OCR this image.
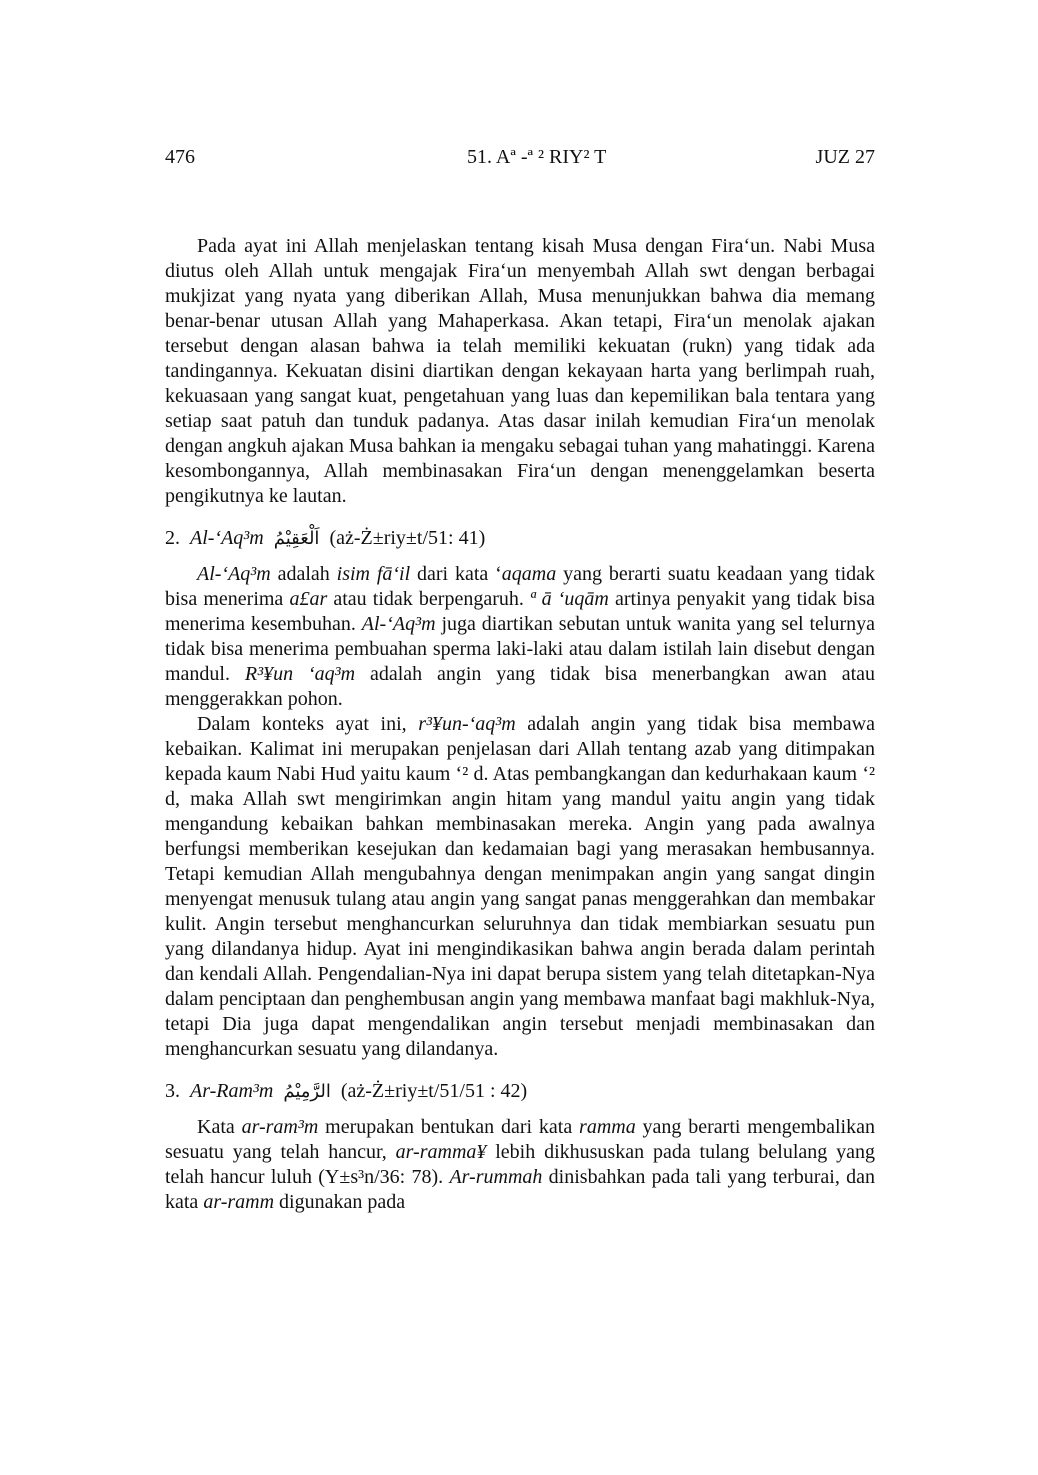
476	51. Aª -ª ² RIY² T	JUZ 27

Pada ayat ini Allah menjelaskan tentang kisah Musa dengan Fira‘un. Nabi Musa diutus oleh Allah untuk mengajak Fira‘un menyembah Allah swt dengan berbagai mukjizat yang nyata yang diberikan Allah, Musa menunjukkan bahwa dia memang benar-benar utusan Allah yang Mahaperkasa. Akan tetapi, Fira‘un menolak ajakan tersebut dengan alasan bahwa ia telah memiliki kekuatan (rukn) yang tidak ada tandingannya. Kekuatan disini diartikan dengan kekayaan harta yang berlimpah ruah, kekuasaan yang sangat kuat, pengetahuan yang luas dan kepemilikan bala tentara yang setiap saat patuh dan tunduk padanya. Atas dasar inilah kemudian Fira‘un menolak dengan angkuh ajakan Musa bahkan ia mengaku sebagai tuhan yang mahatinggi. Karena kesombongannya, Allah membinasakan Fira‘un dengan menenggelamkan beserta pengikutnya ke lautan.

2. Al-‘Aq³m اَلْعَقِيْمُ (aż-Ż±riy±t/51: 41)

Al-‘Aq³m adalah isim fā‘il dari kata ‘aqama yang berarti suatu keadaan yang tidak bisa menerima a£ar atau tidak berpengaruh. ª ā ‘uqām artinya penyakit yang tidak bisa menerima kesembuhan. Al-‘Aq³m juga diartikan sebutan untuk wanita yang sel telurnya tidak bisa menerima pembuahan sperma laki-laki atau dalam istilah lain disebut dengan mandul. R³¥un ‘aq³m adalah angin yang tidak bisa menerbangkan awan atau menggerakkan pohon.

Dalam konteks ayat ini, r³¥un-‘aq³m adalah angin yang tidak bisa membawa kebaikan. Kalimat ini merupakan penjelasan dari Allah tentang azab yang ditimpakan kepada kaum Nabi Hud yaitu kaum ‘² d. Atas pembangkangan dan kedurhakaan kaum ‘² d, maka Allah swt mengirimkan angin hitam yang mandul yaitu angin yang tidak mengandung kebaikan bahkan membinasakan mereka. Angin yang pada awalnya berfungsi memberikan kesejukan dan kedamaian bagi yang merasakan hembusannya. Tetapi kemudian Allah mengubahnya dengan menimpakan angin yang sangat dingin menyengat menusuk tulang atau angin yang sangat panas menggerahkan dan membakar kulit. Angin tersebut menghancurkan seluruhnya dan tidak membiarkan sesuatu pun yang dilandanya hidup. Ayat ini mengindikasikan bahwa angin berada dalam perintah dan kendali Allah. Pengendalian-Nya ini dapat berupa sistem yang telah ditetapkan-Nya dalam penciptaan dan penghembusan angin yang membawa manfaat bagi makhluk-Nya, tetapi Dia juga dapat mengendalikan angin tersebut menjadi membinasakan dan menghancurkan sesuatu yang dilandanya.

3. Ar-Ram³m الرَّمِيْمُ (aż-Ż±riy±t/51/51 : 42)

Kata ar-ram³m merupakan bentukan dari kata ramma yang berarti mengembalikan sesuatu yang telah hancur, ar-ramma¥ lebih dikhususkan pada tulang belulang yang telah hancur luluh (Y±s³n/36: 78). Ar-rummah dinisbahkan pada tali yang terburai, dan kata ar-ramm digunakan pada
